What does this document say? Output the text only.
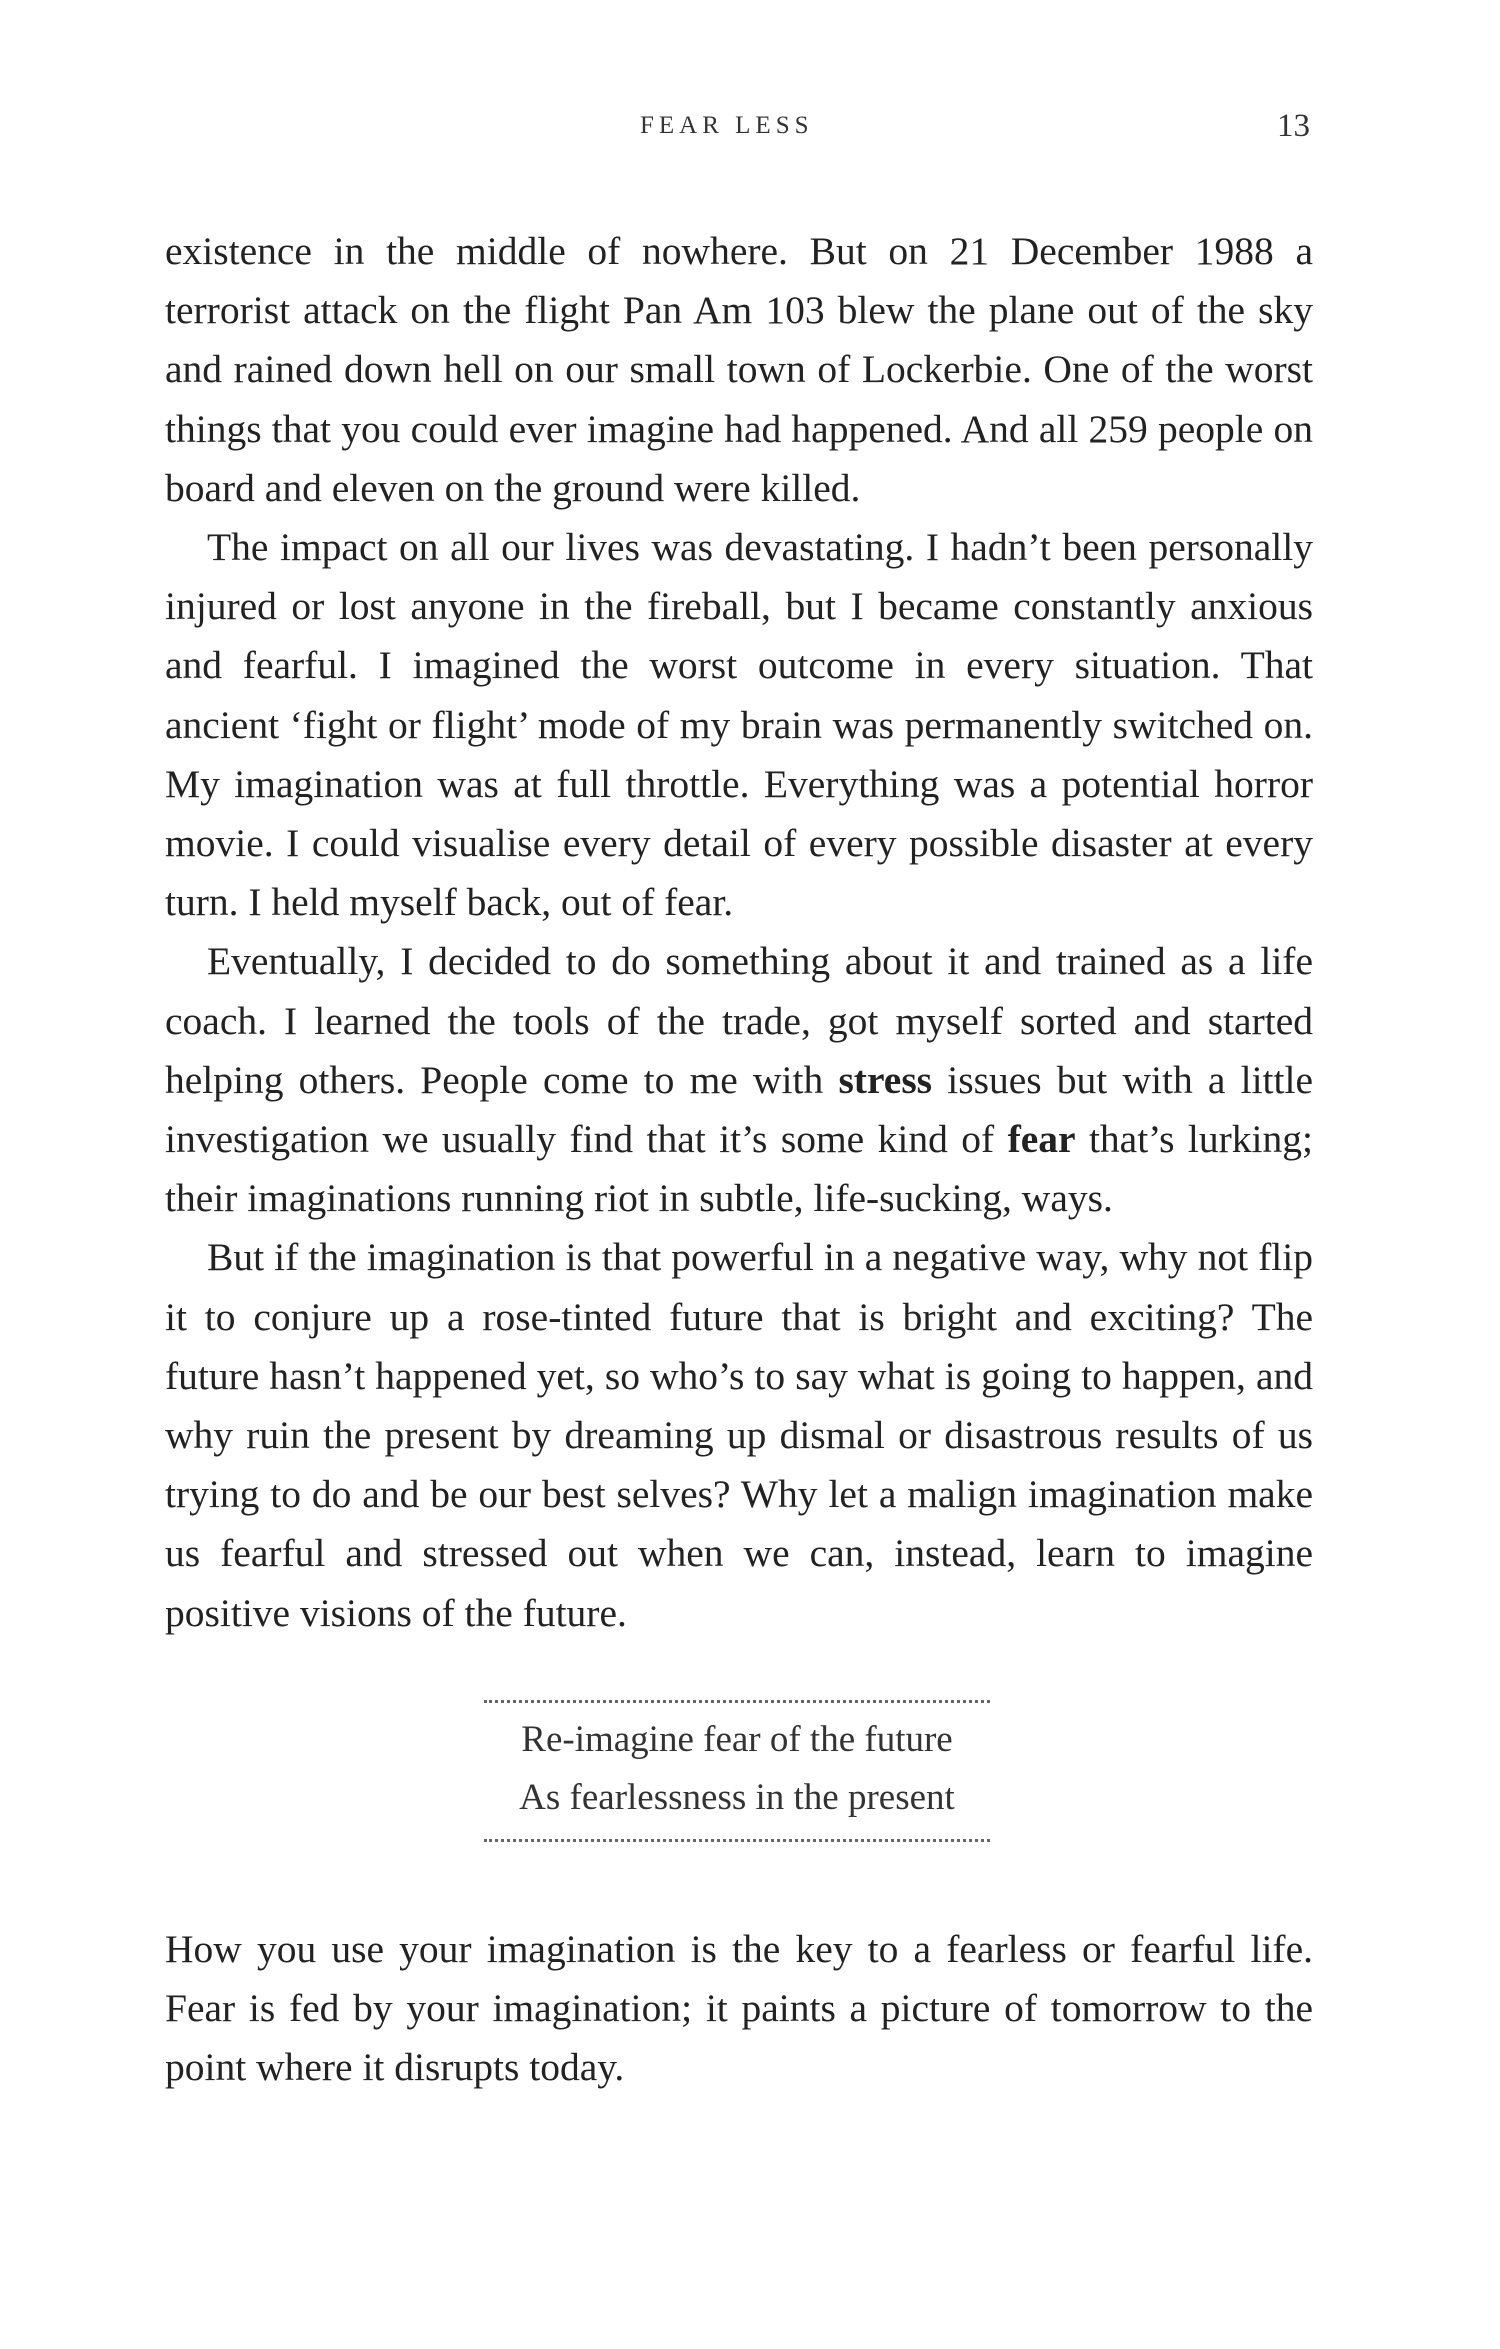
FEAR LESS	13

existence in the middle of nowhere. But on 21 December 1988 a terrorist attack on the flight Pan Am 103 blew the plane out of the sky and rained down hell on our small town of Lockerbie. One of the worst things that you could ever imagine had happened. And all 259 people on board and eleven on the ground were killed.

The impact on all our lives was devastating. I hadn’t been personally injured or lost anyone in the fireball, but I became constantly anxious and fearful. I imagined the worst outcome in every situation. That ancient ‘fight or flight’ mode of my brain was permanently switched on. My imagination was at full throttle. Everything was a potential horror movie. I could visualise every detail of every possible disaster at every turn. I held myself back, out of fear.

Eventually, I decided to do something about it and trained as a life coach. I learned the tools of the trade, got myself sorted and started helping others. People come to me with stress issues but with a little investigation we usually find that it’s some kind of fear that’s lurking; their imaginations running riot in subtle, life-sucking, ways.

But if the imagination is that powerful in a negative way, why not flip it to conjure up a rose-tinted future that is bright and exciting? The future hasn’t happened yet, so who’s to say what is going to happen, and why ruin the present by dreaming up dismal or disastrous results of us trying to do and be our best selves? Why let a malign imagination make us fearful and stressed out when we can, instead, learn to imagine positive visions of the future.

Re-imagine fear of the future
As fearlessness in the present

How you use your imagination is the key to a fearless or fearful life. Fear is fed by your imagination; it paints a picture of tomorrow to the point where it disrupts today.
